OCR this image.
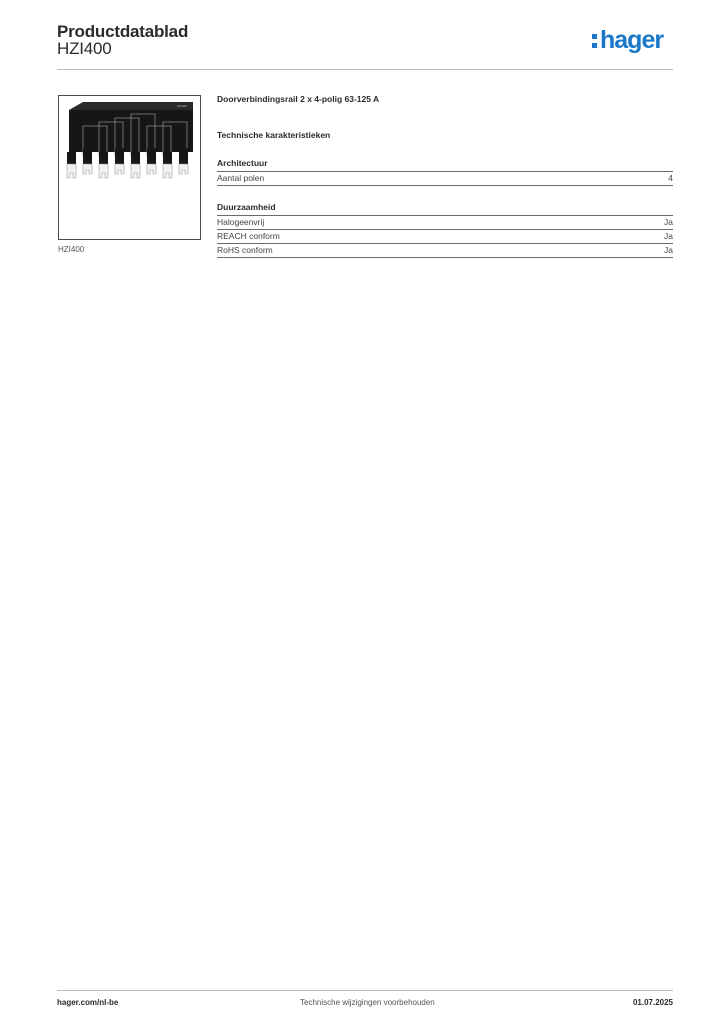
Productdatablad
HZI400	hager
HZI400
HZI400
Doorverbindingsrail 2 x 4-polig 63-125 A
Technische karakteristieken
Architectuur
Aantal polen	4
Duurzaamheid
Halogeenvrij	Ja
REACH conform	Ja
RoHS conform	Ja
hager.com/nl-be	Technische wijzigingen voorbehouden	01.07.2025
